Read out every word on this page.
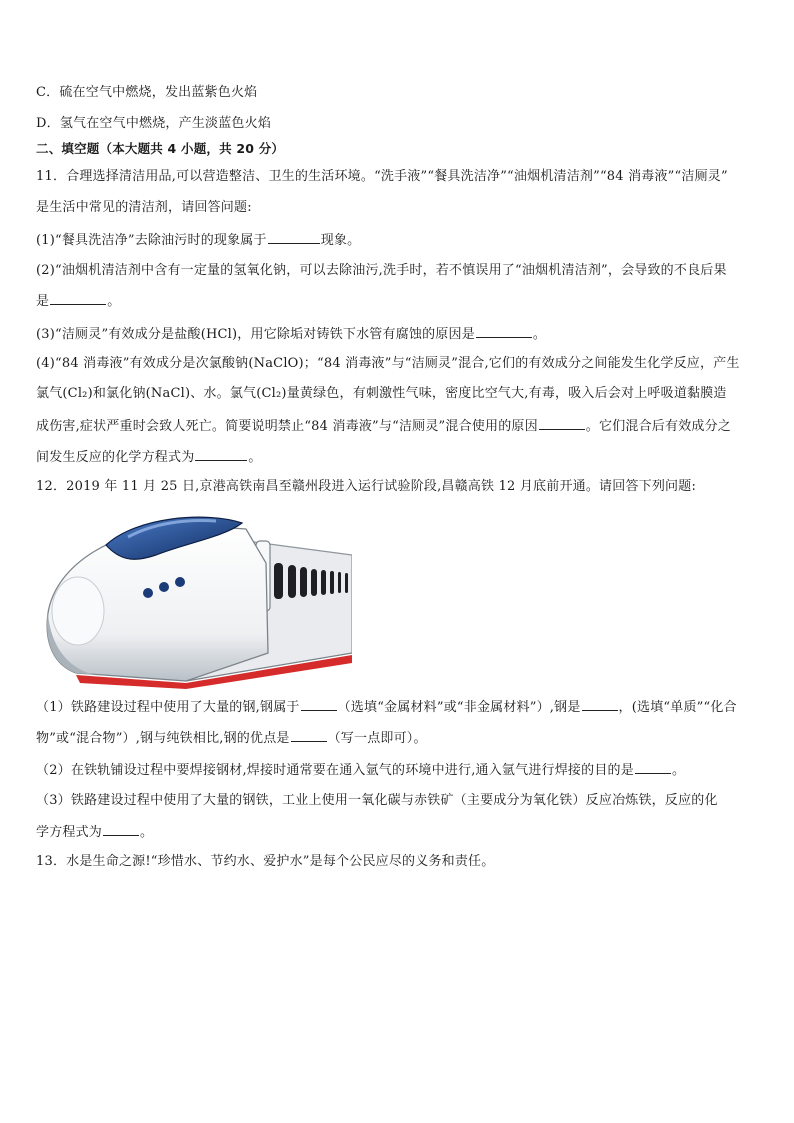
C．硫在空气中燃烧，发出蓝紫色火焰
D．氢气在空气中燃烧，产生淡蓝色火焰
二、填空题（本大题共 4 小题，共 20 分）
11．合理选择清洁用品,可以营造整洁、卫生的生活环境。“洗手液”“餐具洗洁净”“油烟机清洁剂”“84 消毒液”“洁厕灵”
是生活中常见的清洁剂，请回答问题:
(1)“餐具洗洁净”去除油污时的现象属于	现象。
(2)“油烟机清洁剂中含有一定量的氢氧化钠，可以去除油污,洗手时，若不慎误用了“油烟机清洁剂”，会导致的不良后果
是	。
(3)“洁厕灵”有效成分是盐酸(HCl)，用它除垢对铸铁下水管有腐蚀的原因是	。
(4)“84 消毒液”有效成分是次氯酸钠(NaClO)；“84 消毒液”与“洁厕灵”混合,它们的有效成分之间能发生化学反应，产生
氯气(Cl₂)和氯化钠(NaCl)、水。氯气(Cl₂)量黄绿色，有刺激性气味，密度比空气大,有毒，吸入后会对上呼吸道黏膜造
成伤害,症状严重时会致人死亡。简要说明禁止“84 消毒液”与“洁厕灵”混合使用的原因	。它们混合后有效成分之
间发生反应的化学方程式为	。
12．2019 年 11 月 25 日,京港高铁南昌至赣州段进入运行试验阶段,昌赣高铁 12 月底前开通。请回答下列问题:
（1）铁路建设过程中使用了大量的钢,钢属于	（选填“金属材料”或“非金属材料”）,钢是	，(选填“单质”“化合
物”或“混合物”）,钢与纯铁相比,钢的优点是	（写一点即可）。
（2）在铁轨铺设过程中要焊接钢材,焊接时通常要在通入氩气的环境中进行,通入氩气进行焊接的目的是	。
（3）铁路建设过程中使用了大量的钢铁，工业上使用一氧化碳与赤铁矿（主要成分为氧化铁）反应冶炼铁，反应的化
学方程式为	。
13．水是生命之源!“珍惜水、节约水、爱护水”是每个公民应尽的义务和责任。
